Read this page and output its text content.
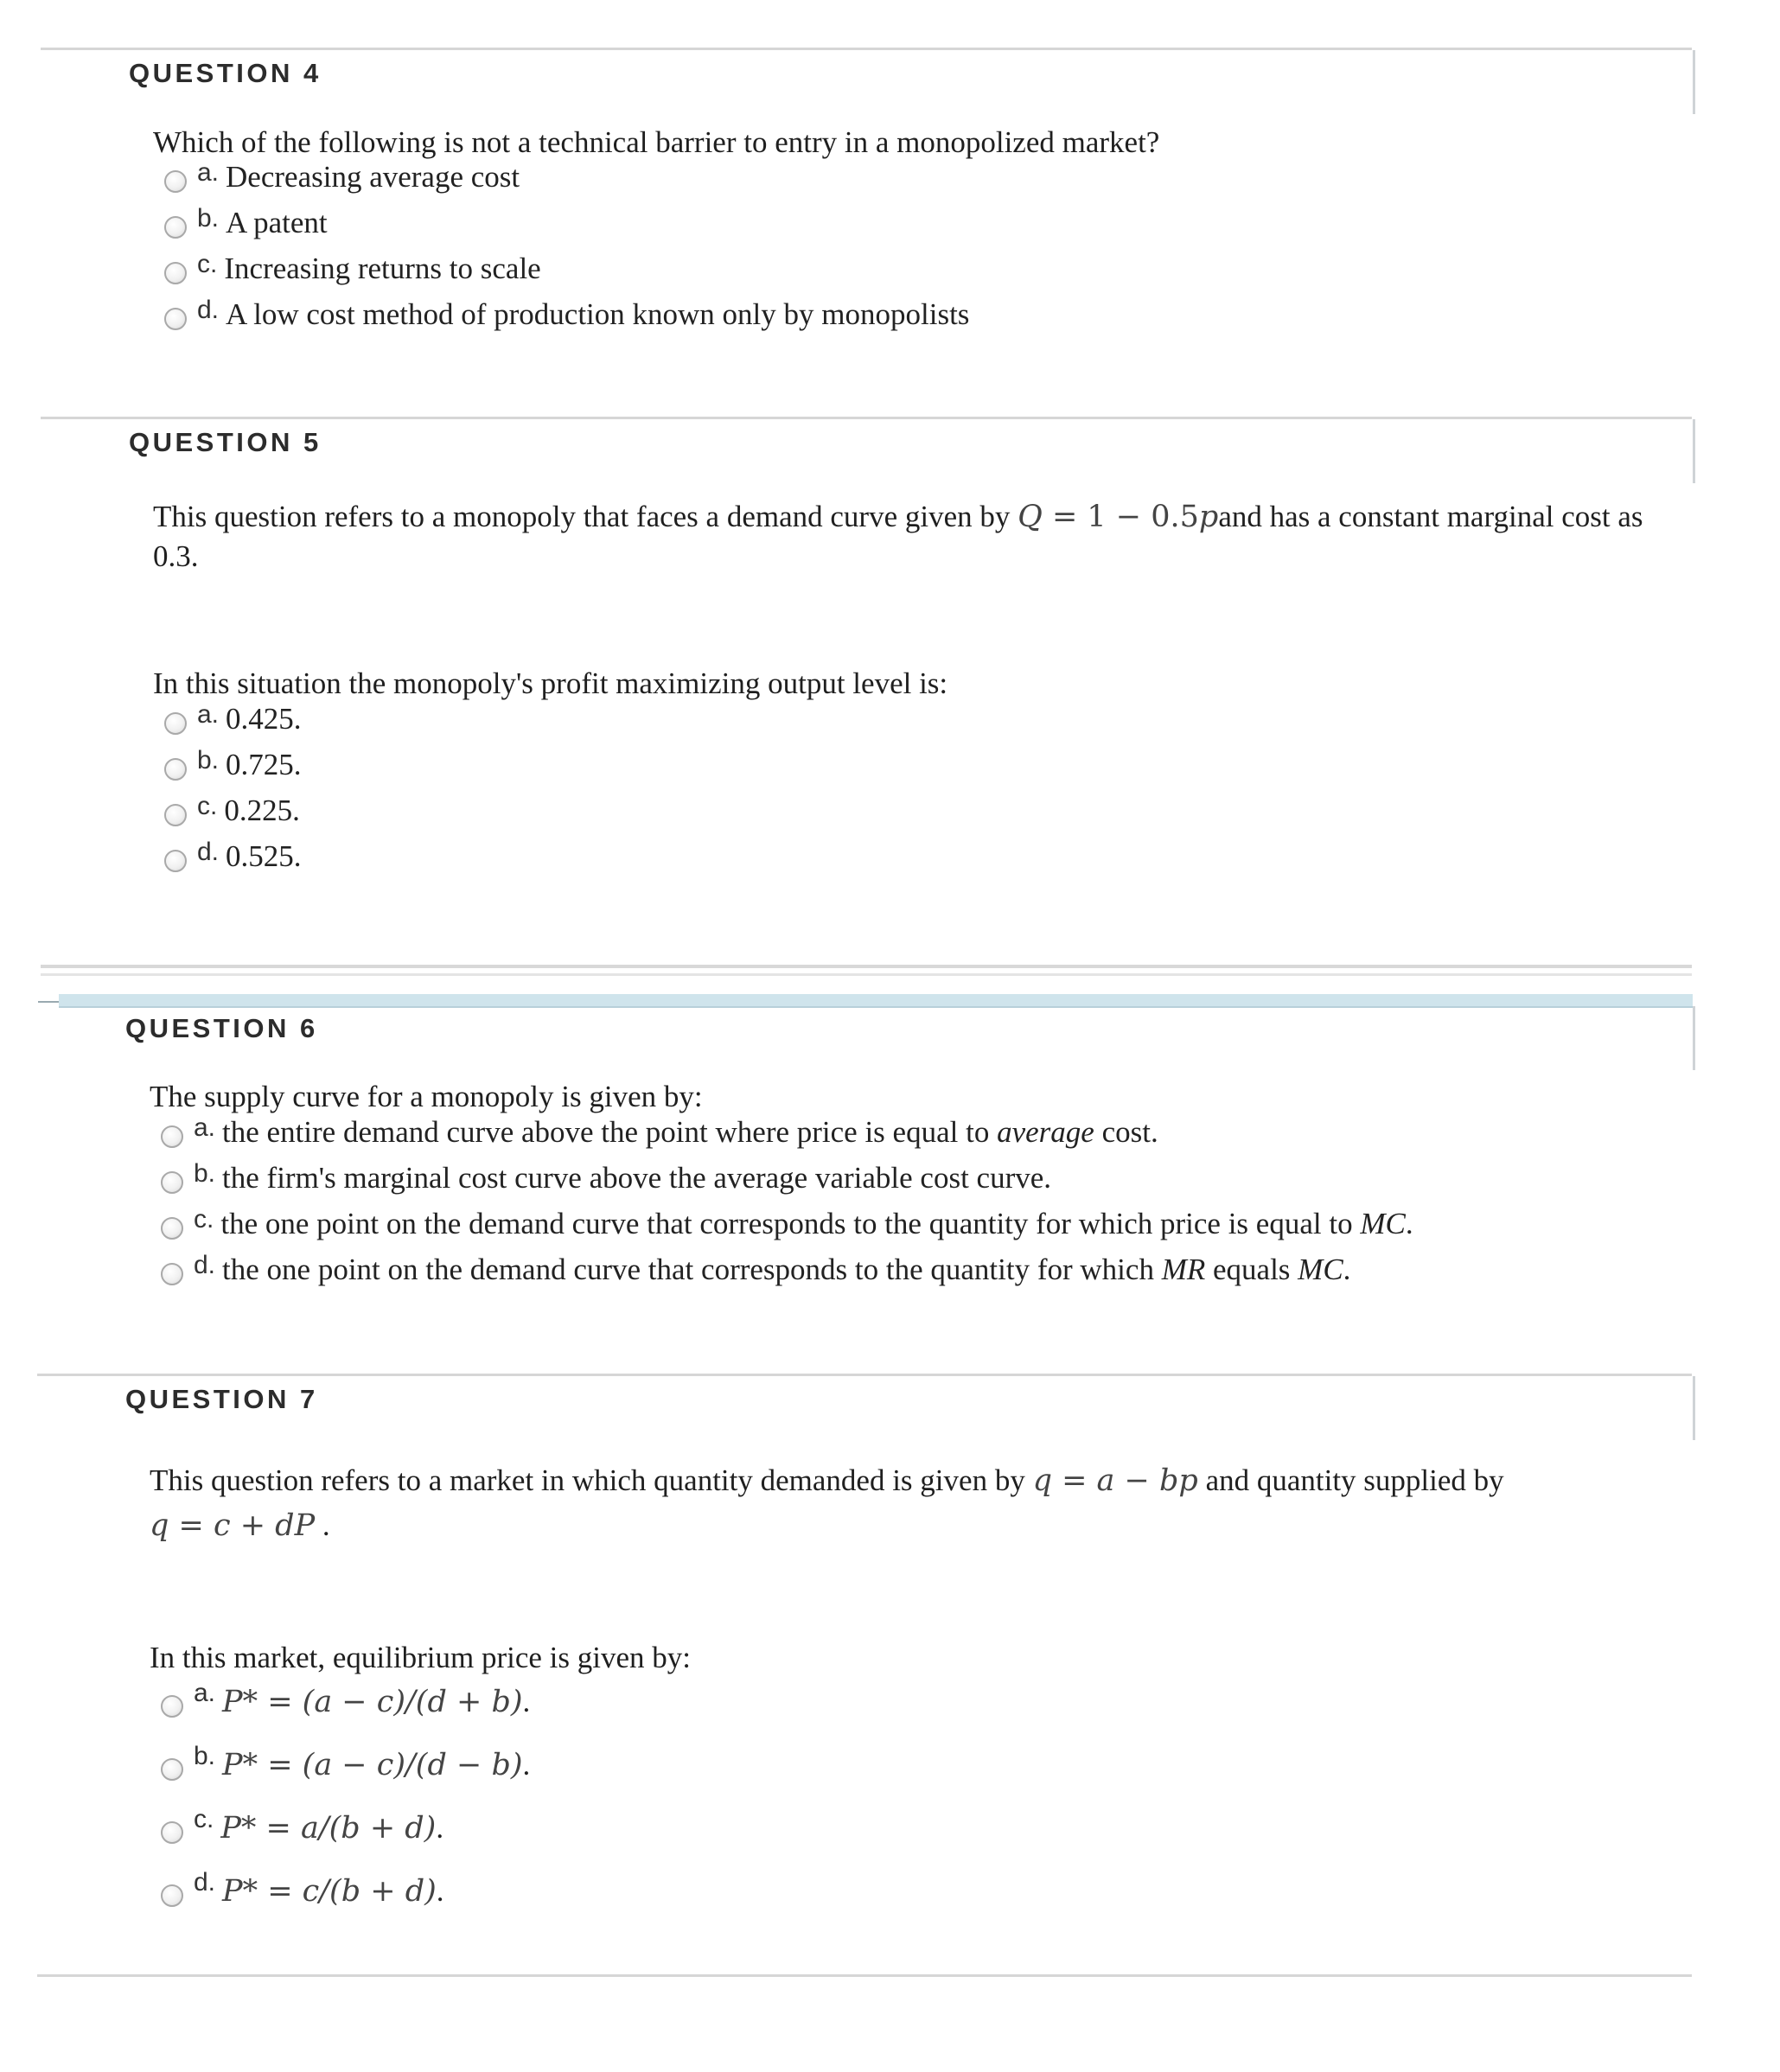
QUESTION 4
Which of the following is not a technical barrier to entry in a monopolized market?
a. Decreasing average cost
b. A patent
c. Increasing returns to scale
d. A low cost method of production known only by monopolists
QUESTION 5
This question refers to a monopoly that faces a demand curve given by Q = 1 − 0.5pand has a constant marginal cost as
0.3.
In this situation the monopoly's profit maximizing output level is:
a. 0.425.
b. 0.725.
c. 0.225.
d. 0.525.
QUESTION 6
The supply curve for a monopoly is given by:
a. the entire demand curve above the point where price is equal to average cost.
b. the firm's marginal cost curve above the average variable cost curve.
c. the one point on the demand curve that corresponds to the quantity for which price is equal to MC.
d. the one point on the demand curve that corresponds to the quantity for which MR equals MC.
QUESTION 7
This question refers to a market in which quantity demanded is given by q = a − bp and quantity supplied by
q = c + dP .
In this market, equilibrium price is given by:
a. P* = (a − c)/(d + b) .
b. P* = (a − c)/(d − b) .
c. P* = a/(b + d) .
d. P* = c/(b + d) .
